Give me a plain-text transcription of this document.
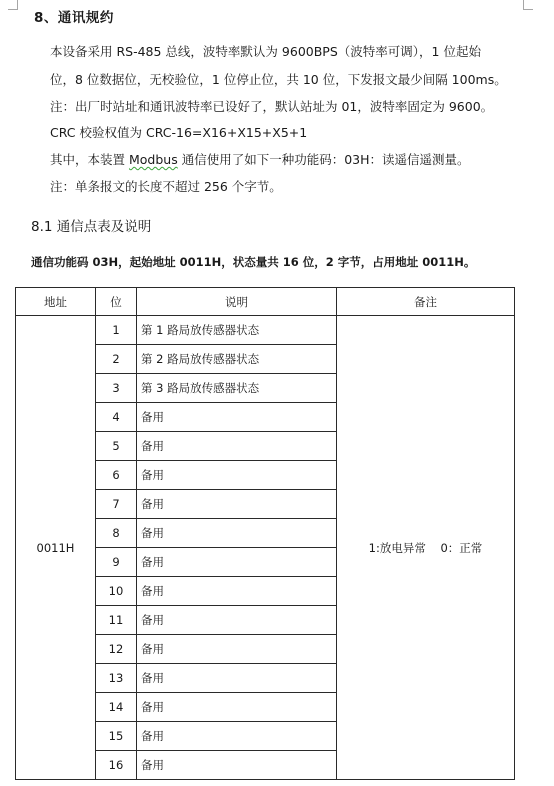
8、通讯规约
本设备采用 RS-485 总线，波特率默认为 9600BPS（波特率可调），1 位起始
位，8 位数据位，无校验位，1 位停止位，共 10 位，下发报文最少间隔 100ms。
注：出厂时站址和通讯波特率已设好了，默认站址为 01，波特率固定为 9600。
CRC 校验权值为 CRC-16=X16+X15+X5+1
其中，本装置 Modbus 通信使用了如下一种功能码：03H：读遥信遥测量。
注：单条报文的长度不超过 256 个字节。
8.1 通信点表及说明
通信功能码 03H，起始地址 0011H，状态量共 16 位，2 字节，占用地址 0011H。
地址	位	说明	备注
0011H	1	第 1 路局放传感器状态	1:放电异常    0：正常
	2	第 2 路局放传感器状态	
	3	第 3 路局放传感器状态	
	4	备用	
	5	备用	
	6	备用	
	7	备用	
	8	备用	
	9	备用	
	10	备用	
	11	备用	
	12	备用	
	13	备用	
	14	备用	
	15	备用	
	16	备用	
